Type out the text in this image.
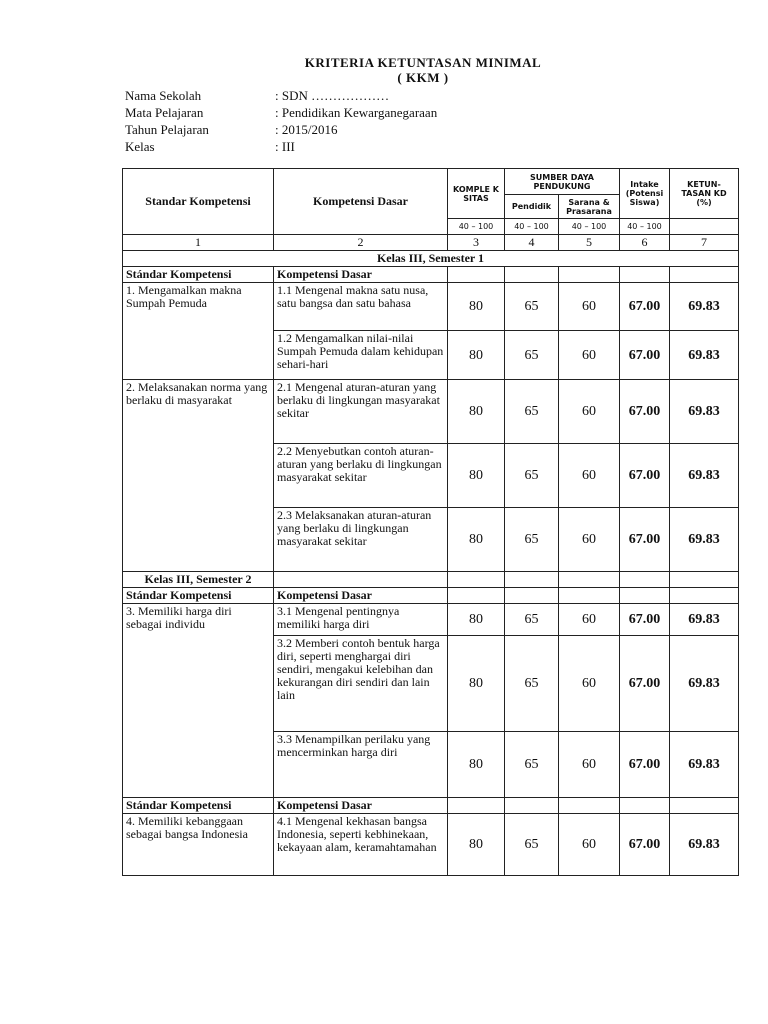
KRITERIA KETUNTASAN MINIMAL
( KKM )
Nama Sekolah	: SDN ………………
Mata Pelajaran	: Pendidikan Kewarganegaraan
Tahun Pelajaran	: 2015/2016
Kelas	: III
Standar Kompetensi	Kompetensi Dasar	KOMPLE K SITAS	SUMBER DAYA PENDUKUNG		Intake (Potensi Siswa)	KETUN-TASAN KD (%)
			Pendidik	Sarana & Prasarana		
		40 – 100	40 – 100	40 – 100	40 – 100	
1	2	3	4	5	6	7
Kelas III, Semester 1						
Stándar Kompetensi	Kompetensi Dasar					
1. Mengamalkan makna Sumpah Pemuda	1.1 Mengenal makna satu nusa, satu bangsa dan satu bahasa	80	65	60	67.00	69.83

	1.2 Mengamalkan nilai-nilai Sumpah Pemuda dalam kehidupan sehari-hari	80	65	60	67.00	69.83
2. Melaksanakan norma yang berlaku di masyarakat	2.1 Mengenal aturan-aturan yang berlaku di lingkungan masyarakat sekitar	80	65	60	67.00	69.83
	2.2 Menyebutkan contoh aturan-aturan yang berlaku di lingkungan masyarakat sekitar	80	65	60	67.00	69.83
	2.3 Melaksanakan aturan-aturan yang berlaku di lingkungan masyarakat sekitar	80	65	60	67.00	69.83
Kelas III, Semester 2						
Stándar Kompetensi	Kompetensi Dasar					
3. Memiliki harga diri sebagai individu	3.1 Mengenal pentingnya memiliki harga diri	80	65	60	67.00	69.83
	3.2 Memberi contoh bentuk harga diri, seperti menghargai diri sendiri, mengakui kelebihan dan kekurangan diri sendiri dan lain lain	80	65	60	67.00	69.83
	3.3 Menampilkan perilaku yang mencerminkan harga diri	80	65	60	67.00	69.83
Stándar Kompetensi	Kompetensi Dasar					
4. Memiliki kebanggaan sebagai bangsa Indonesia	4.1 Mengenal kekhasan bangsa Indonesia, seperti kebhinekaan, kekayaan alam, keramahtamahan	80	65	60	67.00	69.83
